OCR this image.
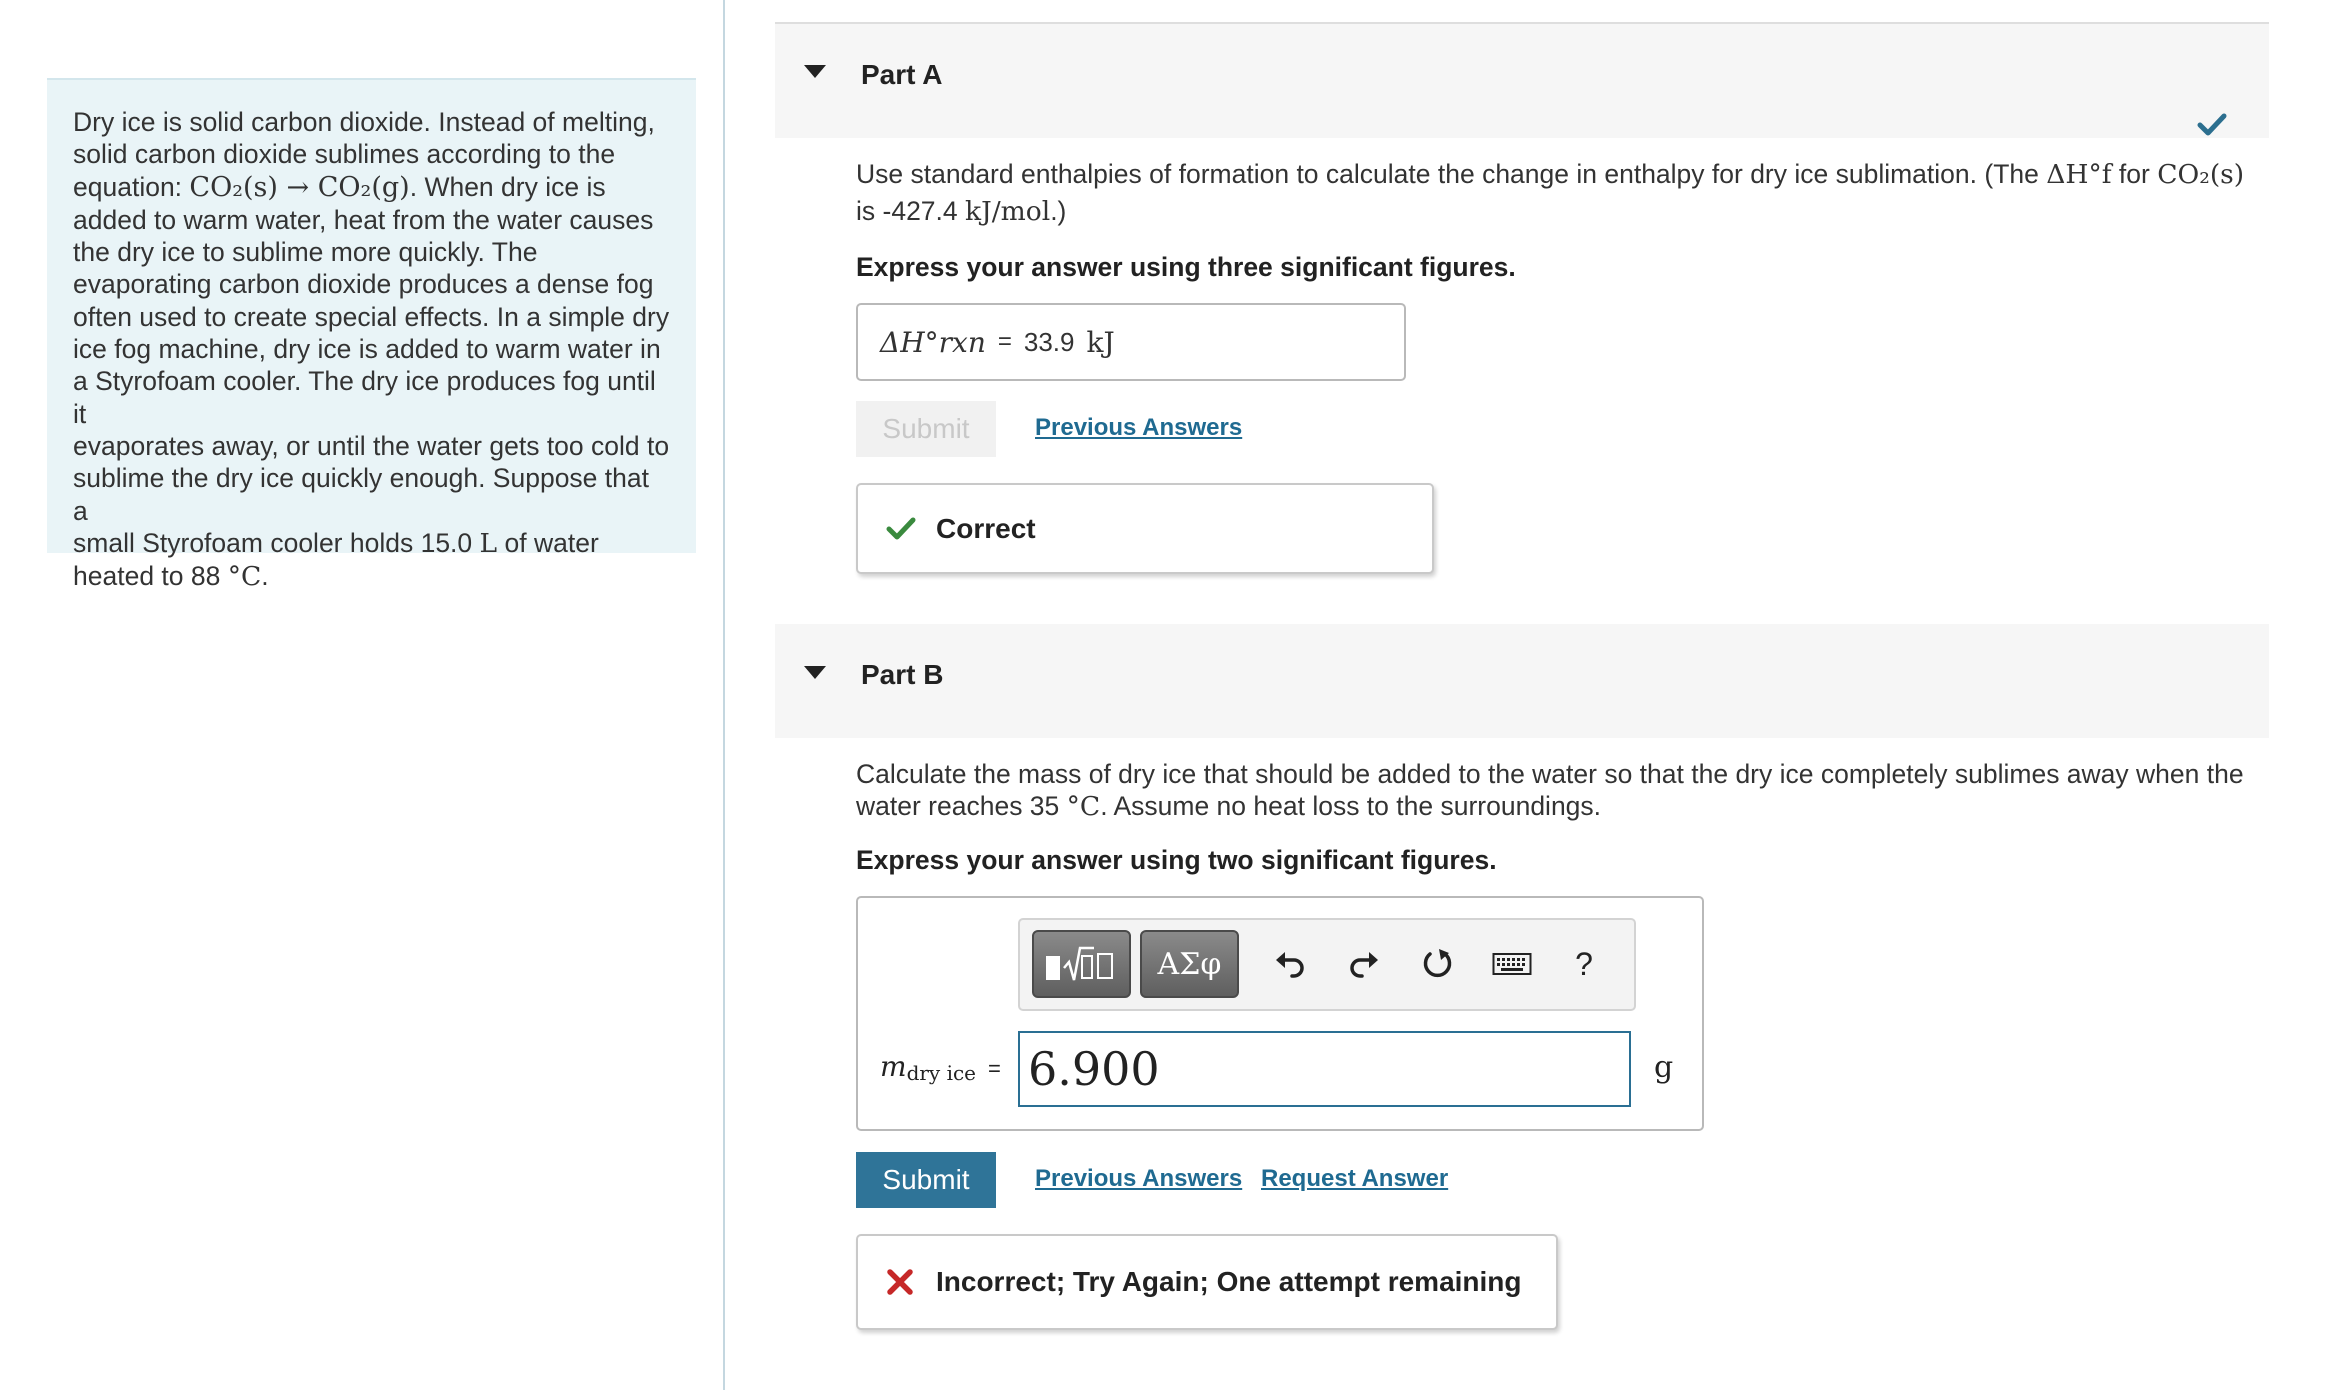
Dry ice is solid carbon dioxide. Instead of melting,
solid carbon dioxide sublimes according to the
equation: CO₂(s) → CO₂(g). When dry ice is
added to warm water, heat from the water causes
the dry ice to sublime more quickly. The
evaporating carbon dioxide produces a dense fog
often used to create special effects. In a simple dry
ice fog machine, dry ice is added to warm water in
a Styrofoam cooler. The dry ice produces fog until it
evaporates away, or until the water gets too cold to
sublime the dry ice quickly enough. Suppose that a
small Styrofoam cooler holds 15.0 L of water
heated to 88 °C.

Part A
Use standard enthalpies of formation to calculate the change in enthalpy for dry ice sublimation. (The ΔH°f for CO₂(s)
is -427.4 kJ/mol.)
Express your answer using three significant figures.
ΔH°rxn = 33.9 kJ
Submit	Previous Answers
Correct
Part B
Calculate the mass of dry ice that should be added to the water so that the dry ice completely sublimes away when the
water reaches 35 °C. Assume no heat loss to the surroundings.
Express your answer using two significant figures.
ΑΣφ	?
m dry ice = 6.900	g
Submit	Previous Answers Request Answer
Incorrect; Try Again; One attempt remaining
